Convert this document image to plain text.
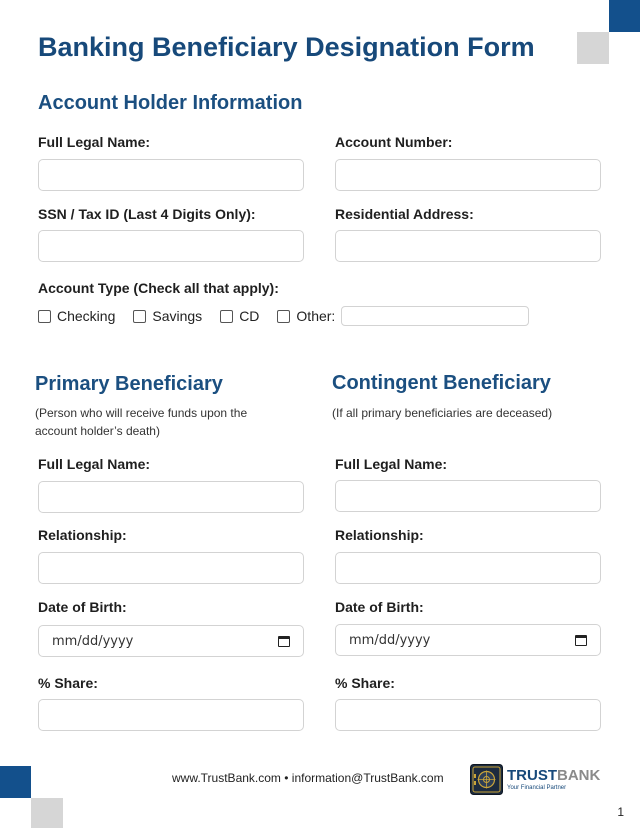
Banking Beneficiary Designation Form
Account Holder Information
Full Legal Name:	Account Number:
SSN / Tax ID (Last 4 Digits Only):	Residential Address:
Account Type (Check all that apply):
Checking	Savings	CD	Other:
Primary Beneficiary
(Person who will receive funds upon the account holder’s death)
Full Legal Name:
Relationship:
Date of Birth:
mm/dd/yyyy
% Share:
Contingent Beneficiary
(If all primary beneficiaries are deceased)
Full Legal Name:
Relationship:
Date of Birth:
mm/dd/yyyy
% Share:
www.TrustBank.com • information@TrustBank.com	TRUSTBANK
Your Financial Partner
1
